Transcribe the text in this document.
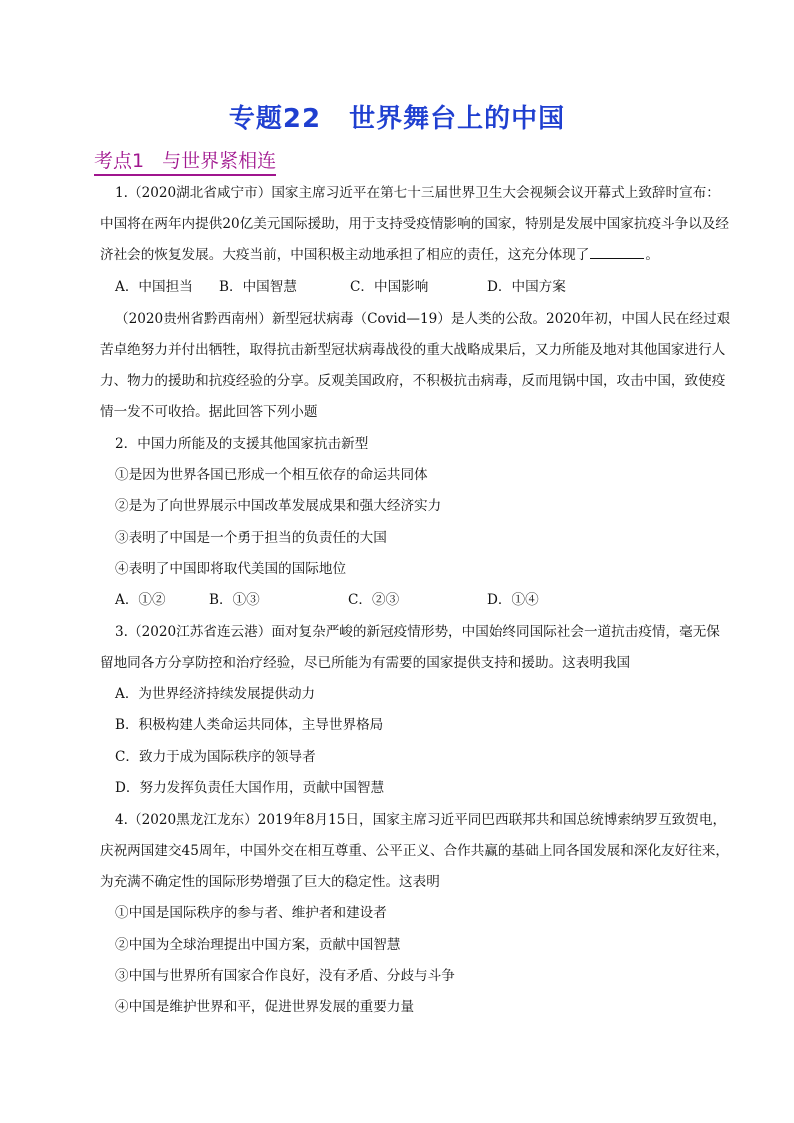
专题22 世界舞台上的中国
考点1 与世界紧相连
1.（2020湖北省咸宁市）国家主席习近平在第七十三届世界卫生大会视频会议开幕式上致辞时宣布：
中国将在两年内提供20亿美元国际援助，用于支持受疫情影响的国家，特别是发展中国家抗疫斗争以及经
济社会的恢复发展。大疫当前，中国积极主动地承担了相应的责任，这充分体现了	。
A．中国担当 B．中国智慧	C．中国影响	D．中国方案
（2020贵州省黔西南州）新型冠状病毒（Covid—19）是人类的公敌。2020年初，中国人民在经过艰
苦卓绝努力并付出牺牲，取得抗击新型冠状病毒战役的重大战略成果后，又力所能及地对其他国家进行人
力、物力的援助和抗疫经验的分享。反观美国政府，不积极抗击病毒，反而甩锅中国，攻击中国，致使疫
情一发不可收拾。据此回答下列小题
2．中国力所能及的支援其他国家抗击新型
①是因为世界各国已形成一个相互依存的命运共同体
②是为了向世界展示中国改革发展成果和强大经济实力
③表明了中国是一个勇于担当的负责任的大国
④表明了中国即将取代美国的国际地位
A．①②	B．①③	C．②③	D．①④
3.（2020江苏省连云港）面对复杂严峻的新冠疫情形势，中国始终同国际社会一道抗击疫情，毫无保
留地同各方分享防控和治疗经验，尽已所能为有需要的国家提供支持和援助。这表明我国
A．为世界经济持续发展提供动力
B．积极构建人类命运共同体，主导世界格局
C．致力于成为国际秩序的领导者
D．努力发挥负责任大国作用，贡献中国智慧
4.（2020黑龙江龙东）2019年8月15日，国家主席习近平同巴西联邦共和国总统博索纳罗互致贺电，
庆祝两国建交45周年，中国外交在相互尊重、公平正义、合作共赢的基础上同各国发展和深化友好往来，
为充满不确定性的国际形势增强了巨大的稳定性。这表明
①中国是国际秩序的参与者、维护者和建设者
②中国为全球治理提出中国方案，贡献中国智慧
③中国与世界所有国家合作良好，没有矛盾、分歧与斗争
④中国是维护世界和平，促进世界发展的重要力量
